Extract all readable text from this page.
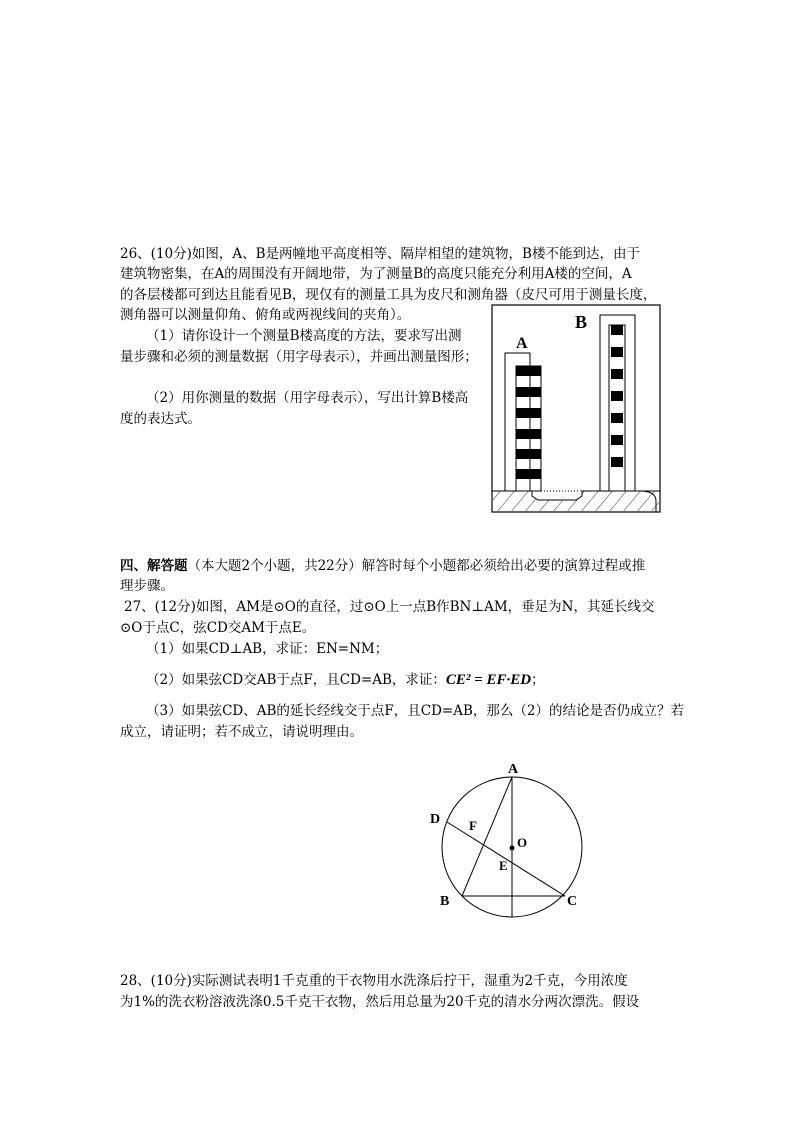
26、(10分)如图，A、B是两幢地平高度相等、隔岸相望的建筑物，B楼不能到达，由于
建筑物密集，在A的周围没有开阔地带，为了测量B的高度只能充分利用A楼的空间，A
的各层楼都可到达且能看见B，现仅有的测量工具为皮尺和测角器（皮尺可用于测量长度，
测角器可以测量仰角、俯角或两视线间的夹角）。
（1）请你设计一个测量B楼高度的方法，要求写出测
量步骤和必须的测量数据（用字母表示），并画出测量图形；
（2）用你测量的数据（用字母表示），写出计算B楼高
度的表达式。
A
B
四、解答题（本大题2个小题，共22分）解答时每个小题都必须给出必要的演算过程或推
理步骤。
27、(12分)如图，AM是⊙O的直径，过⊙O上一点B作BN⊥AM，垂足为N，其延长线交
⊙O于点C，弦CD交AM于点E。
（1）如果CD⊥AB，求证：EN=NM；
（2）如果弦CD交AB于点F，且CD=AB，求证：CE² = EF·ED；
（3）如果弦CD、AB的延长经线交于点F，且CD=AB，那么（2）的结论是否仍成立？若
成立，请证明；若不成立，请说明理由。
A
D F
O
E
B	C
28、(10分)实际测试表明1千克重的干衣物用水洗涤后拧干，湿重为2千克，今用浓度
为1%的洗衣粉溶液洗涤0.5千克干衣物，然后用总量为20千克的清水分两次漂洗。假设
